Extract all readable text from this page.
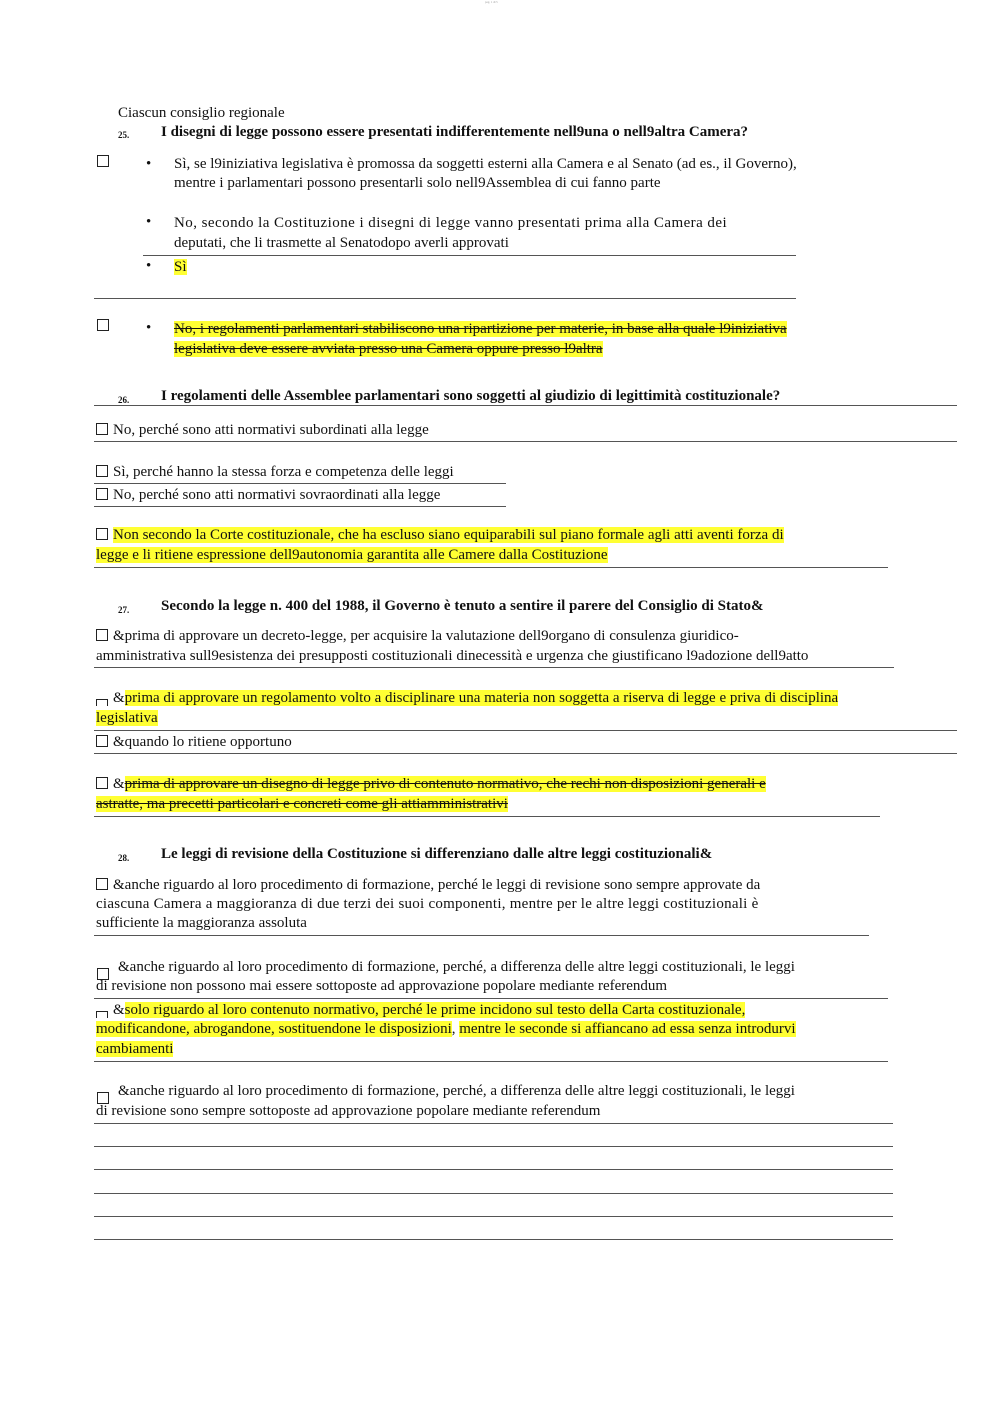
pag. 1 di 5
Ciascun consiglio regionale
25. I disegni di legge possono essere presentati indifferentemente nell9una o nell9altra Camera?
• Sì, se l9iniziativa legislativa è promossa da soggetti esterni alla Camera e al Senato (ad es., il Governo),
mentre i parlamentari possono presentarli solo nell9Assemblea di cui fanno parte
• No, secondo la Costituzione i disegni di legge vanno presentati prima alla Camera dei
deputati, che li trasmette al Senatodopo averli approvati
• Sì
• No, i regolamenti parlamentari stabiliscono una ripartizione per materie, in base alla quale l9iniziativa
legislativa deve essere avviata presso una Camera oppure presso l9altra
26. I regolamenti delle Assemblee parlamentari sono soggetti al giudizio di legittimità costituzionale?
No, perché sono atti normativi subordinati alla legge
Sì, perché hanno la stessa forza e competenza delle leggi
No, perché sono atti normativi sovraordinati alla legge
Non secondo la Corte costituzionale, che ha escluso siano equiparabili sul piano formale agli atti aventi forza di
legge e li ritiene espressione dell9autonomia garantita alle Camere dalla Costituzione
27. Secondo la legge n. 400 del 1988, il Governo è tenuto a sentire il parere del Consiglio di Stato&
&prima di approvare un decreto-legge, per acquisire la valutazione dell9organo di consulenza giuridico-
amministrativa sull9esistenza dei presupposti costituzionali dinecessità e urgenza che giustificano l9adozione dell9atto
&prima di approvare un regolamento volto a disciplinare una materia non soggetta a riserva di legge e priva di disciplina
legislativa
&quando lo ritiene opportuno
&prima di approvare un disegno di legge privo di contenuto normativo, che rechi non disposizioni generali e
astratte, ma precetti particolari e concreti come gli attiamministrativi
28. Le leggi di revisione della Costituzione si differenziano dalle altre leggi costituzionali&
&anche riguardo al loro procedimento di formazione, perché le leggi di revisione sono sempre approvate da
ciascuna Camera a maggioranza di due terzi dei suoi componenti, mentre per le altre leggi costituzionali è
sufficiente la maggioranza assoluta
&anche riguardo al loro procedimento di formazione, perché, a differenza delle altre leggi costituzionali, le leggi
di revisione non possono mai essere sottoposte ad approvazione popolare mediante referendum
&solo riguardo al loro contenuto normativo, perché le prime incidono sul testo della Carta costituzionale,
modificandone, abrogandone, sostituendone le disposizioni, mentre le seconde si affiancano ad essa senza introdurvi
cambiamenti
&anche riguardo al loro procedimento di formazione, perché, a differenza delle altre leggi costituzionali, le leggi
di revisione sono sempre sottoposte ad approvazione popolare mediante referendum
